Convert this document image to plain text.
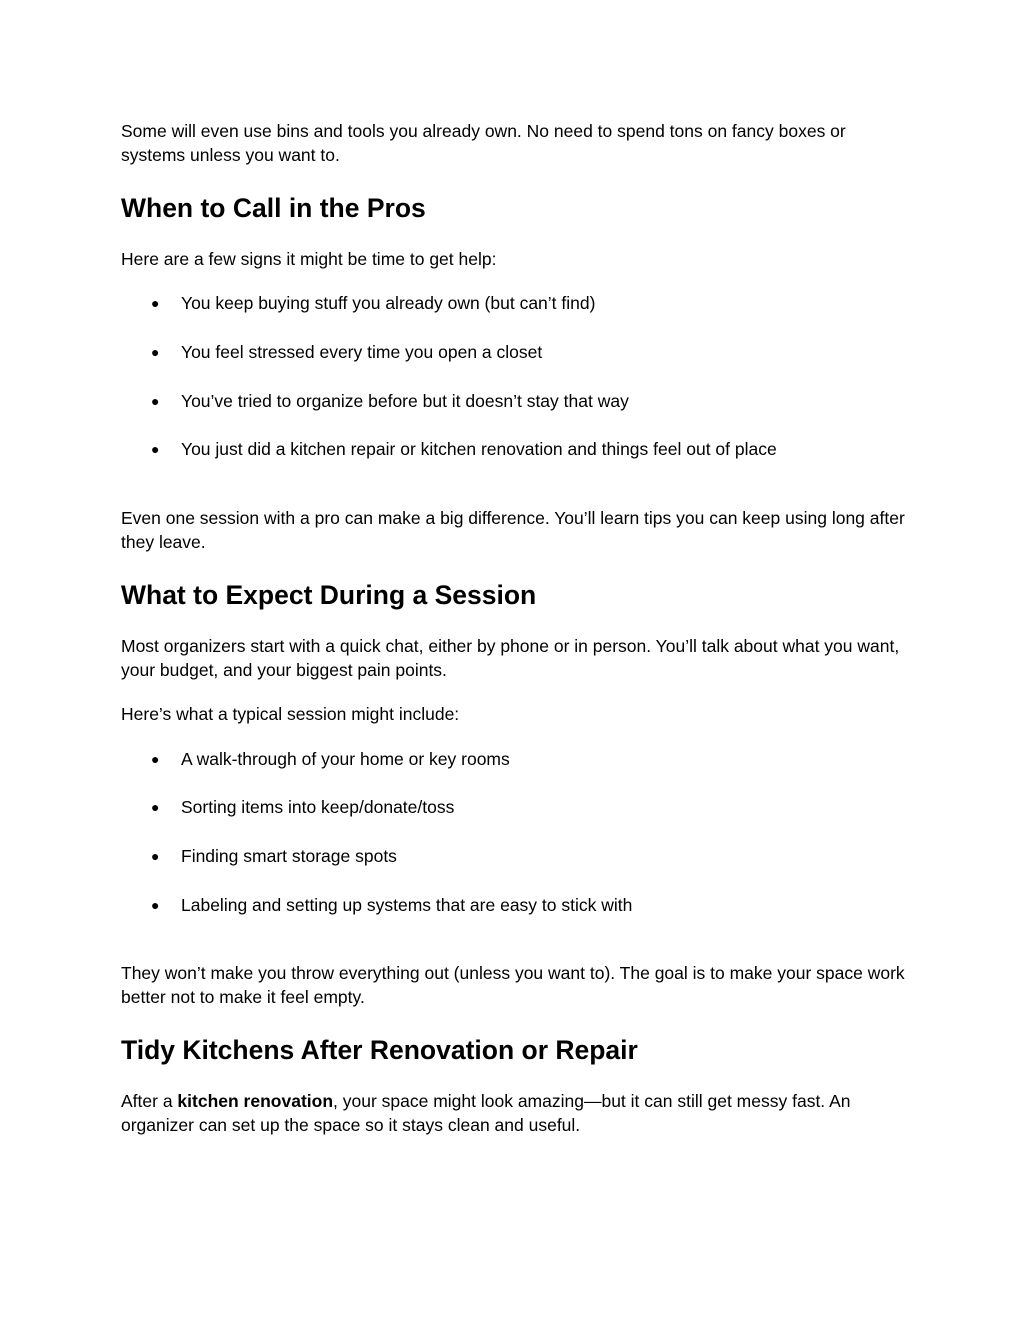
Some will even use bins and tools you already own. No need to spend tons on fancy boxes or systems unless you want to.

When to Call in the Pros

Here are a few signs it might be time to get help:

● You keep buying stuff you already own (but can’t find)
● You feel stressed every time you open a closet
● You’ve tried to organize before but it doesn’t stay that way
● You just did a kitchen repair or kitchen renovation and things feel out of place

Even one session with a pro can make a big difference. You’ll learn tips you can keep using long after they leave.

What to Expect During a Session

Most organizers start with a quick chat, either by phone or in person. You’ll talk about what you want, your budget, and your biggest pain points.

Here’s what a typical session might include:

● A walk-through of your home or key rooms
● Sorting items into keep/donate/toss
● Finding smart storage spots
● Labeling and setting up systems that are easy to stick with

They won’t make you throw everything out (unless you want to). The goal is to make your space work better not to make it feel empty.

Tidy Kitchens After Renovation or Repair

After a kitchen renovation, your space might look amazing—but it can still get messy fast. An organizer can set up the space so it stays clean and useful.
